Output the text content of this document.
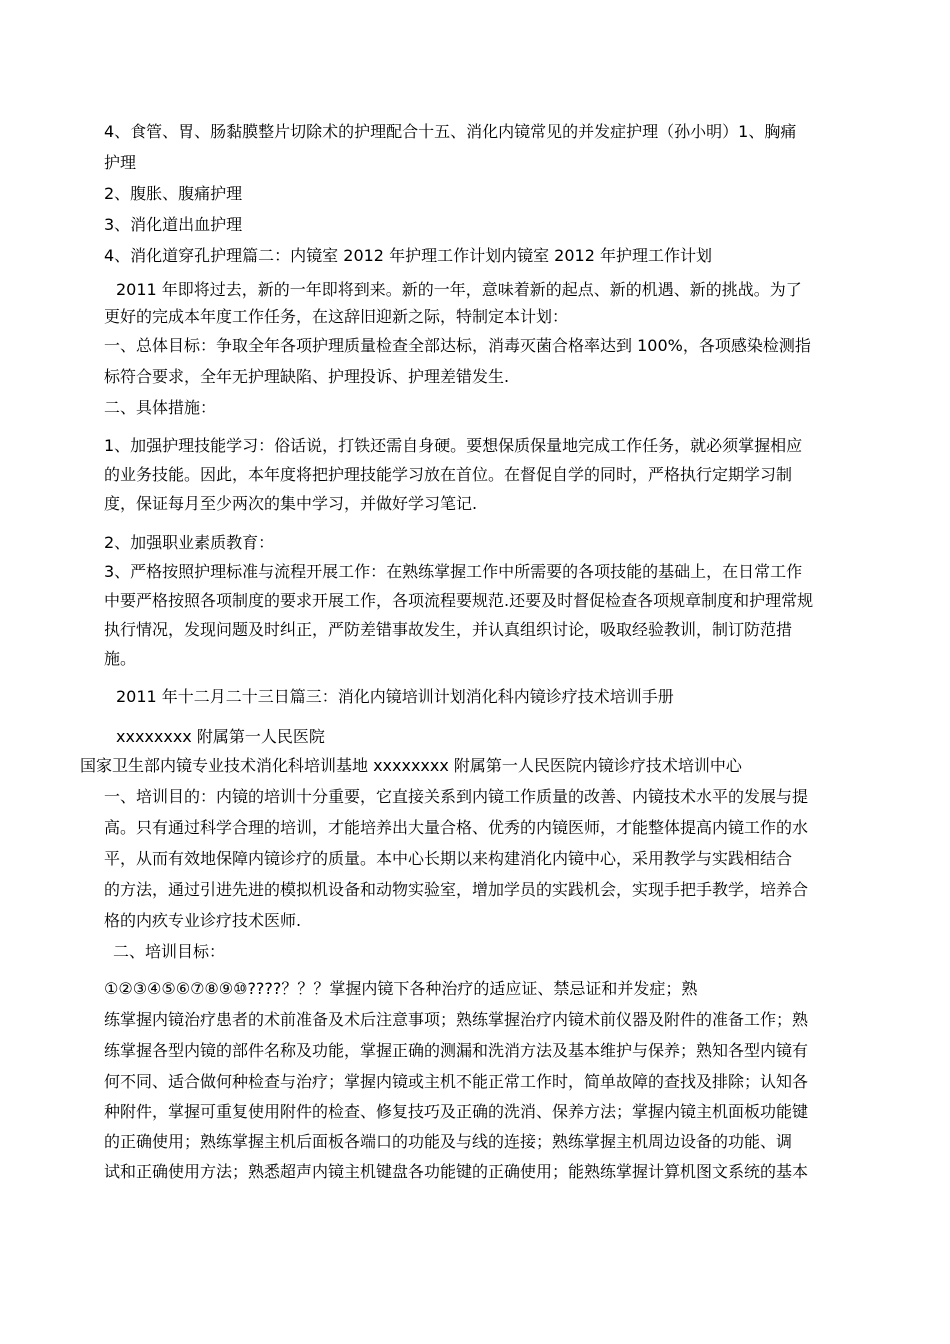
4、食管、胃、肠黏膜整片切除术的护理配合十五、消化内镜常见的并发症护理（孙小明）1、胸痛
护理
2、腹胀、腹痛护理
3、消化道出血护理
4、消化道穿孔护理篇二：内镜室 2012 年护理工作计划内镜室 2012 年护理工作计划
2011 年即将过去，新的一年即将到来。新的一年，意味着新的起点、新的机遇、新的挑战。为了
更好的完成本年度工作任务，在这辞旧迎新之际，特制定本计划：
一、总体目标：争取全年各项护理质量检查全部达标，消毒灭菌合格率达到 100%，各项感染检测指
标符合要求，全年无护理缺陷、护理投诉、护理差错发生.
二、具体措施：
1、加强护理技能学习：俗话说，打铁还需自身硬。要想保质保量地完成工作任务，就必须掌握相应
的业务技能。因此，本年度将把护理技能学习放在首位。在督促自学的同时，严格执行定期学习制
度，保证每月至少两次的集中学习，并做好学习笔记.
2、加强职业素质教育：
3、严格按照护理标准与流程开展工作：在熟练掌握工作中所需要的各项技能的基础上，在日常工作
中要严格按照各项制度的要求开展工作，各项流程要规范.还要及时督促检查各项规章制度和护理常规
执行情况，发现问题及时纠正，严防差错事故发生，并认真组织讨论，吸取经验教训，制订防范措
施。
2011 年十二月二十三日篇三：消化内镜培训计划消化科内镜诊疗技术培训手册
xxxxxxxx 附属第一人民医院
国家卫生部内镜专业技术消化科培训基地 xxxxxxxx 附属第一人民医院内镜诊疗技术培训中心
一、培训目的：内镜的培训十分重要，它直接关系到内镜工作质量的改善、内镜技术水平的发展与提
高。只有通过科学合理的培训，才能培养出大量合格、优秀的内镜医师，才能整体提高内镜工作的水
平，从而有效地保障内镜诊疗的质量。本中心长期以来构建消化内镜中心，采用教学与实践相结合
的方法，通过引进先进的模拟机设备和动物实验室，增加学员的实践机会，实现手把手教学，培养合
格的内疚专业诊疗技术医师.
二、培训目标：
①②③④⑤⑥⑦⑧⑨⑩????？？？掌握内镜下各种治疗的适应证、禁忌证和并发症；熟
练掌握内镜治疗患者的术前准备及术后注意事项；熟练掌握治疗内镜术前仪器及附件的准备工作；熟
练掌握各型内镜的部件名称及功能，掌握正确的测漏和洗消方法及基本维护与保养；熟知各型内镜有
何不同、适合做何种检查与治疗；掌握内镜或主机不能正常工作时，简单故障的查找及排除；认知各
种附件，掌握可重复使用附件的检查、修复技巧及正确的洗消、保养方法；掌握内镜主机面板功能键
的正确使用；熟练掌握主机后面板各端口的功能及与线的连接；熟练掌握主机周边设备的功能、调
试和正确使用方法；熟悉超声内镜主机键盘各功能键的正确使用；能熟练掌握计算机图文系统的基本
